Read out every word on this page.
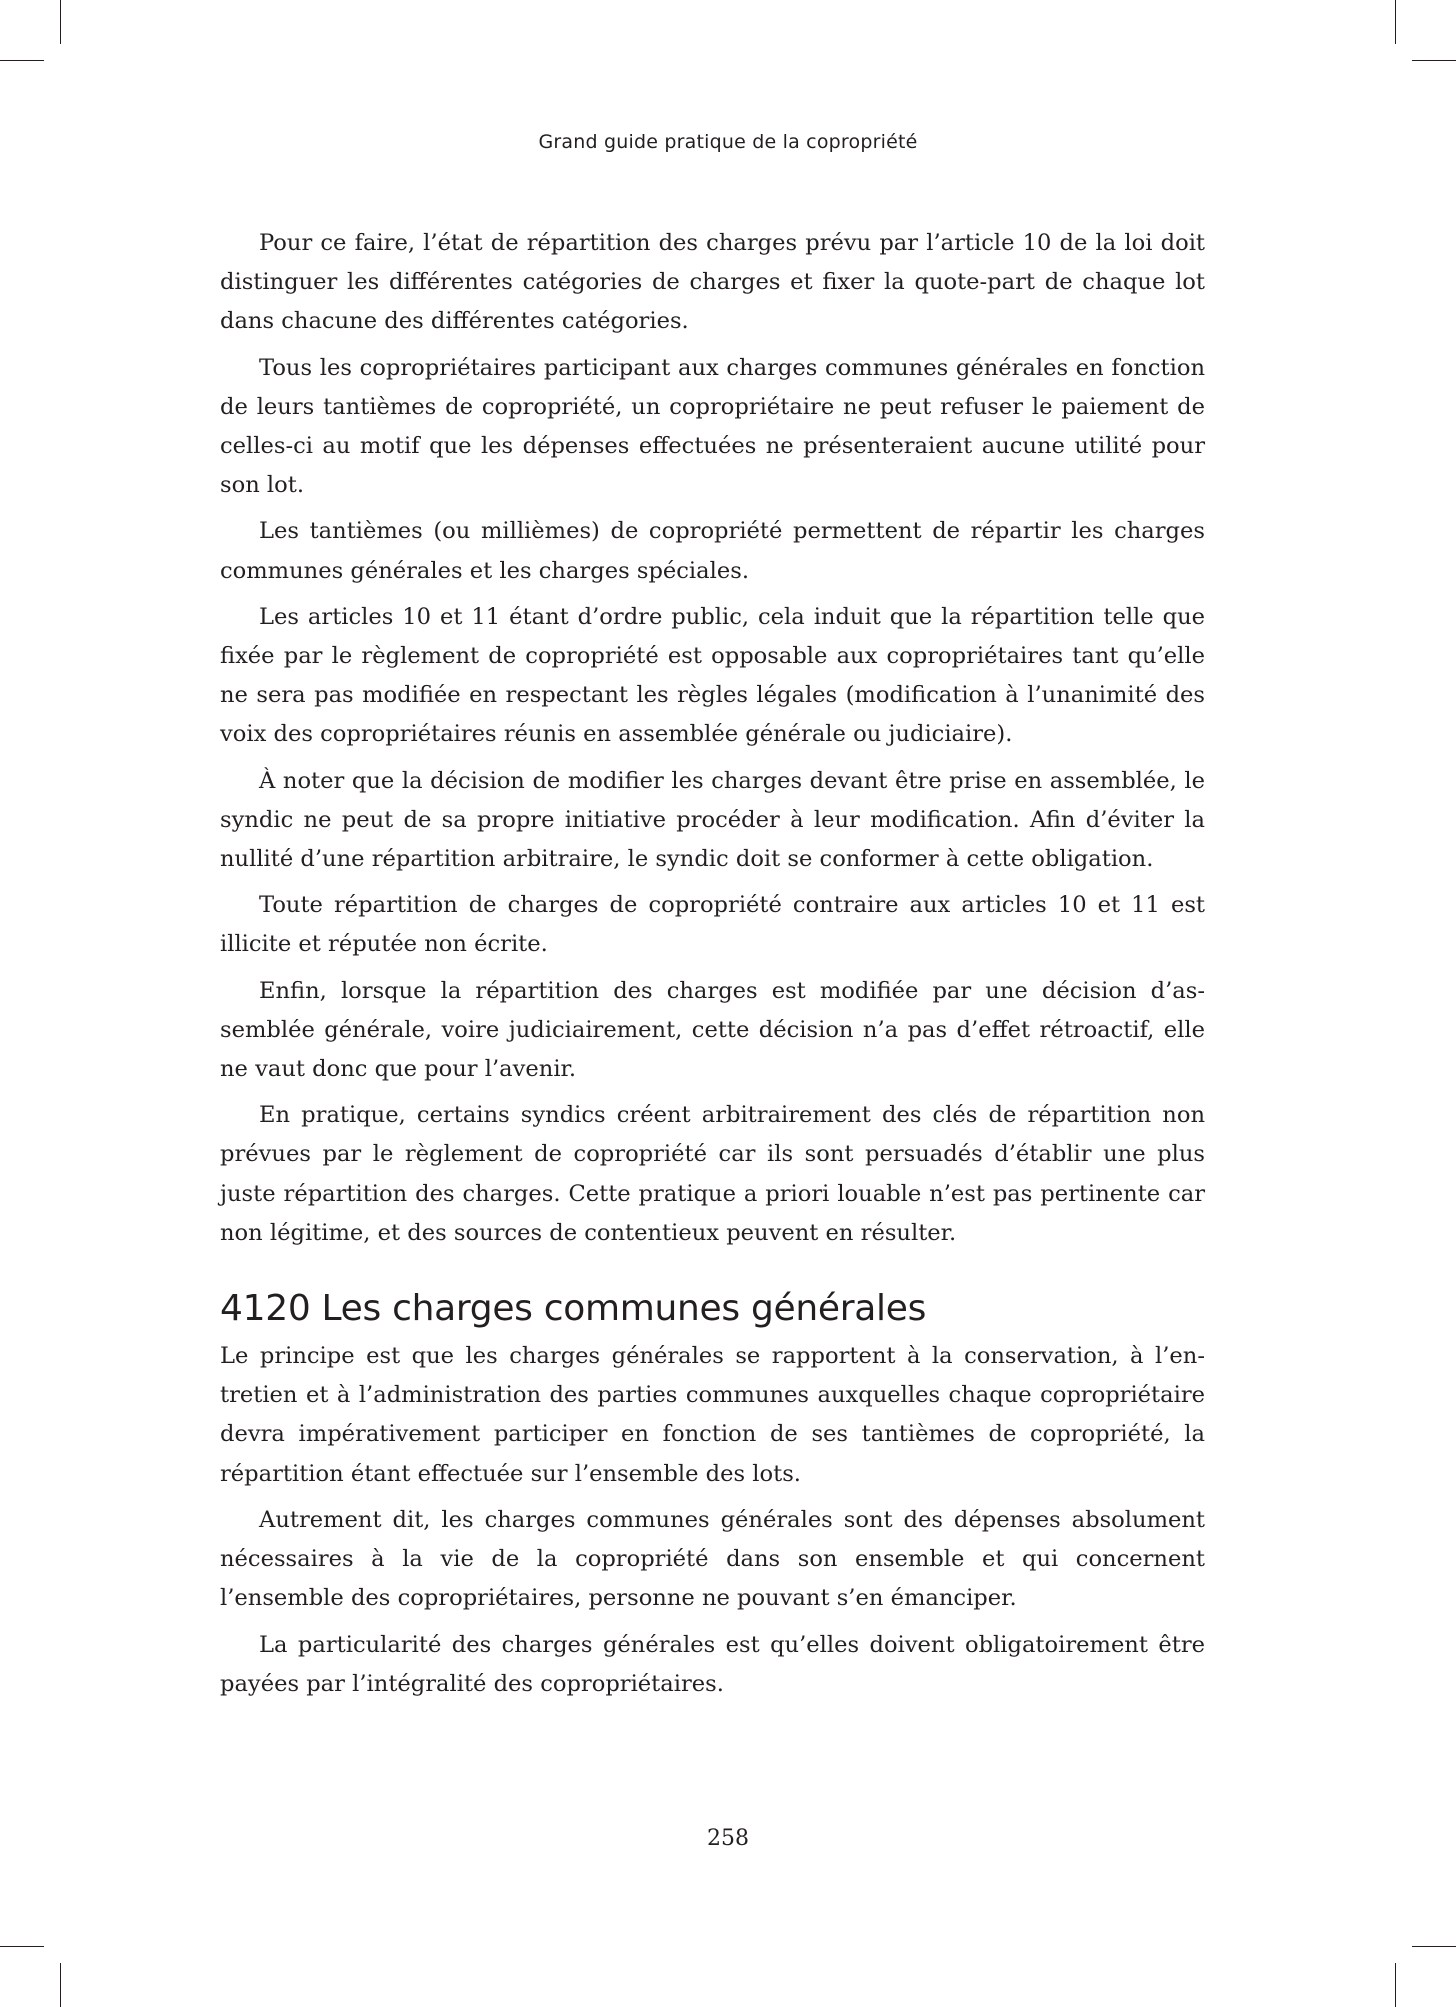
Grand guide pratique de la copropriété

Pour ce faire, l’état de répartition des charges prévu par l’article 10 de la loi doit distinguer les différentes catégories de charges et fixer la quote-part de chaque lot dans chacune des différentes catégories.

Tous les copropriétaires participant aux charges communes générales en fonction de leurs tantièmes de copropriété, un copropriétaire ne peut refuser le paiement de celles-ci au motif que les dépenses effectuées ne présenteraient aucune utilité pour son lot.

Les tantièmes (ou millièmes) de copropriété permettent de répartir les charges communes générales et les charges spéciales.

Les articles 10 et 11 étant d’ordre public, cela induit que la répartition telle que fixée par le règlement de copropriété est opposable aux copropriétaires tant qu’elle ne sera pas modifiée en respectant les règles légales (modification à l’unanimité des voix des copropriétaires réunis en assemblée générale ou judiciaire).

À noter que la décision de modifier les charges devant être prise en assemblée, le syndic ne peut de sa propre initiative procéder à leur modification. Afin d’éviter la nullité d’une répartition arbitraire, le syndic doit se conformer à cette obligation.

Toute répartition de charges de copropriété contraire aux articles 10 et 11 est illicite et réputée non écrite.

Enfin, lorsque la répartition des charges est modifiée par une décision d’assemblée générale, voire judiciairement, cette décision n’a pas d’effet rétroactif, elle ne vaut donc que pour l’avenir.

En pratique, certains syndics créent arbitrairement des clés de répartition non prévues par le règlement de copropriété car ils sont persuadés d’établir une plus juste répartition des charges. Cette pratique a priori louable n’est pas pertinente car non légitime, et des sources de contentieux peuvent en résulter.

4120 Les charges communes générales

Le principe est que les charges générales se rapportent à la conservation, à l’entretien et à l’administration des parties communes auxquelles chaque copropriétaire devra impérativement participer en fonction de ses tantièmes de copropriété, la répartition étant effectuée sur l’ensemble des lots.

Autrement dit, les charges communes générales sont des dépenses absolument nécessaires à la vie de la copropriété dans son ensemble et qui concernent l’ensemble des copropriétaires, personne ne pouvant s’en émanciper.

La particularité des charges générales est qu’elles doivent obligatoirement être payées par l’intégralité des copropriétaires.

258
